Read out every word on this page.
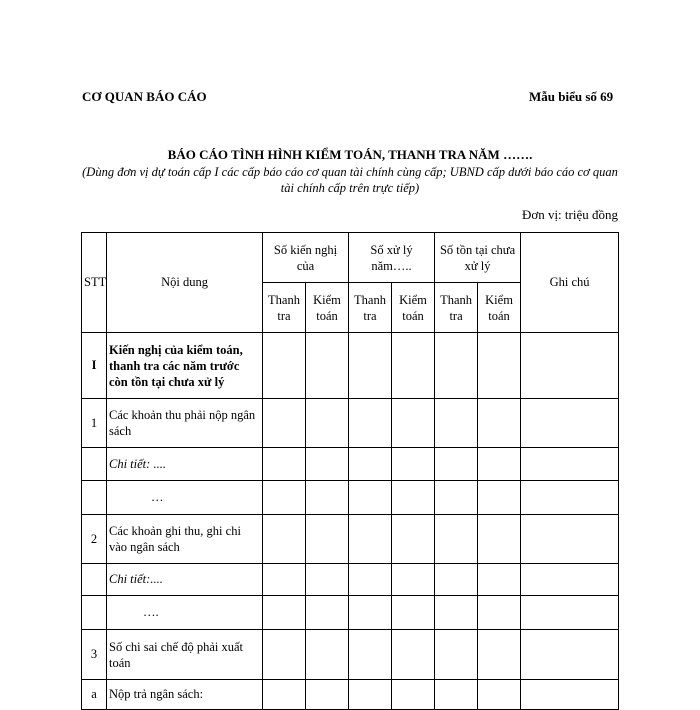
CƠ QUAN BÁO CÁO	Mẫu biểu số 69
BÁO CÁO TÌNH HÌNH KIỂM TOÁN, THANH TRA NĂM …….
(Dùng đơn vị dự toán cấp I các cấp báo cáo cơ quan tài chính cùng cấp; UBND cấp dưới báo cáo cơ quan tài chính cấp trên trực tiếp)
Đơn vị: triệu đồng
STT	Nội dung	Số kiến nghị của		Số xử lý năm…..		Số tồn tại chưa xử lý		Ghi chú
		Thanh tra	Kiểm toán	Thanh tra	Kiểm toán	Thanh tra	Kiểm toán	
I	Kiến nghị của kiểm toán, thanh tra các năm trước còn tồn tại chưa xử lý							
1	Các khoản thu phải nộp ngân sách							
	Chi tiết: ....							
	…							
2	Các khoản ghi thu, ghi chi vào ngân sách							
	Chi tiết:....							
	….							
3	Số chi sai chế độ phải xuất toán							
a	Nộp trả ngân sách:							
